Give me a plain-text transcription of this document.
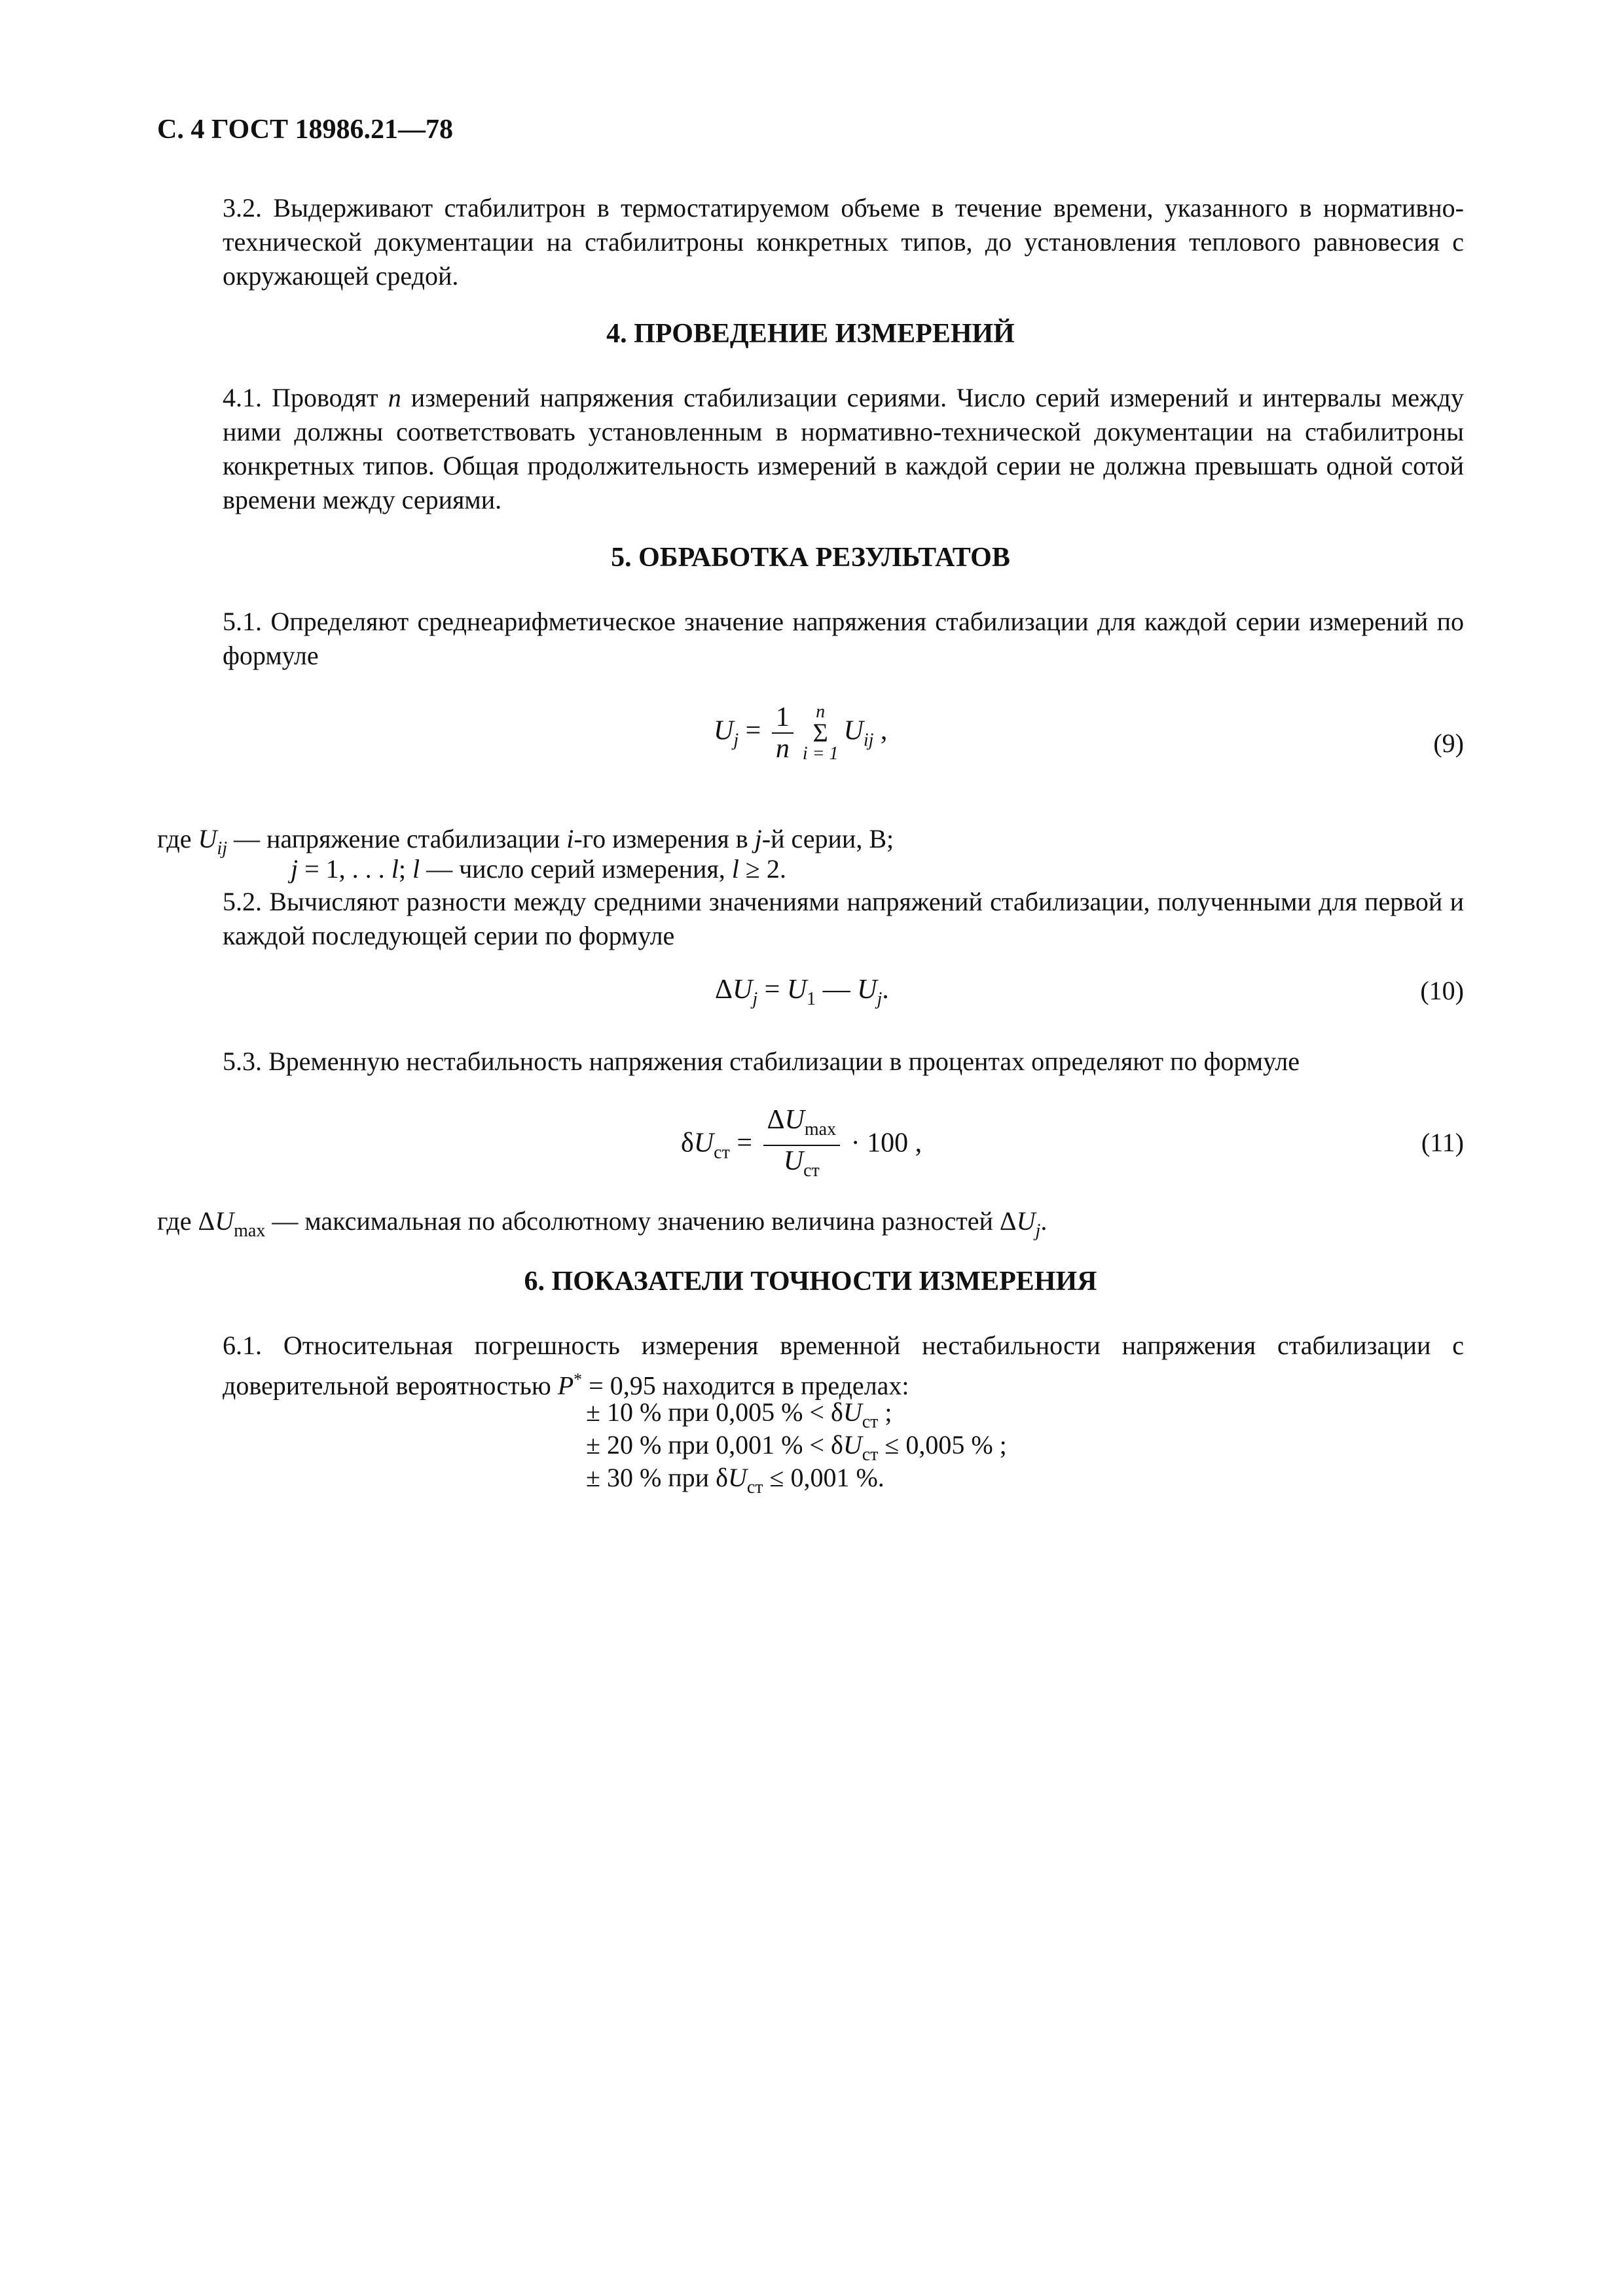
С. 4 ГОСТ 18986.21—78
3.2. Выдерживают стабилитрон в термостатируемом объеме в течение времени, указанного в нормативно-технической документации на стабилитроны конкретных типов, до установления теплового равновесия с окружающей средой.
4. ПРОВЕДЕНИЕ ИЗМЕРЕНИЙ
4.1. Проводят n измерений напряжения стабилизации сериями. Число серий измерений и интервалы между ними должны соответствовать установленным в нормативно-технической документации на стабилитроны конкретных типов. Общая продолжительность измерений в каждой серии не должна превышать одной сотой времени между сериями.
5. ОБРАБОТКА РЕЗУЛЬТАТОВ
5.1. Определяют среднеарифметическое значение напряжения стабилизации для каждой серии измерений по формуле
$U_j = \frac{1}{n}$	n
Σ
i = 1
$U_{ij}$ ,	(9)
где $U_{ij}$ — напряжение стабилизации i-го измерения в j-й серии, В;
j = 1, . . . l; l — число серий измерения, l ≥ 2.
5.2. Вычисляют разности между средними значениями напряжений стабилизации, полученными для первой и каждой последующей серии по формуле
$\Delta U_j = U_1$ — $U_j$.	(10)
5.3. Временную нестабильность напряжения стабилизации в процентах определяют по формуле
$\delta U_{ст} = \frac{\Delta U_{max}}{U_{ст}} \cdot 100$ ,	(11)
где $\Delta U_{max}$ — максимальная по абсолютному значению величина разностей $\Delta U_j$.
6. ПОКАЗАТЕЛИ ТОЧНОСТИ ИЗМЕРЕНИЯ
6.1. Относительная погрешность измерения временной нестабильности напряжения стабилизации с доверительной вероятностью P* = 0,95 находится в пределах:
± 10 % при 0,005 % < $\delta U_{ст}$ ;
± 20 % при 0,001 % < $\delta U_{ст} \le 0,005$ % ;
± 30 % при $\delta U_{ст} \le 0,001$ %.
